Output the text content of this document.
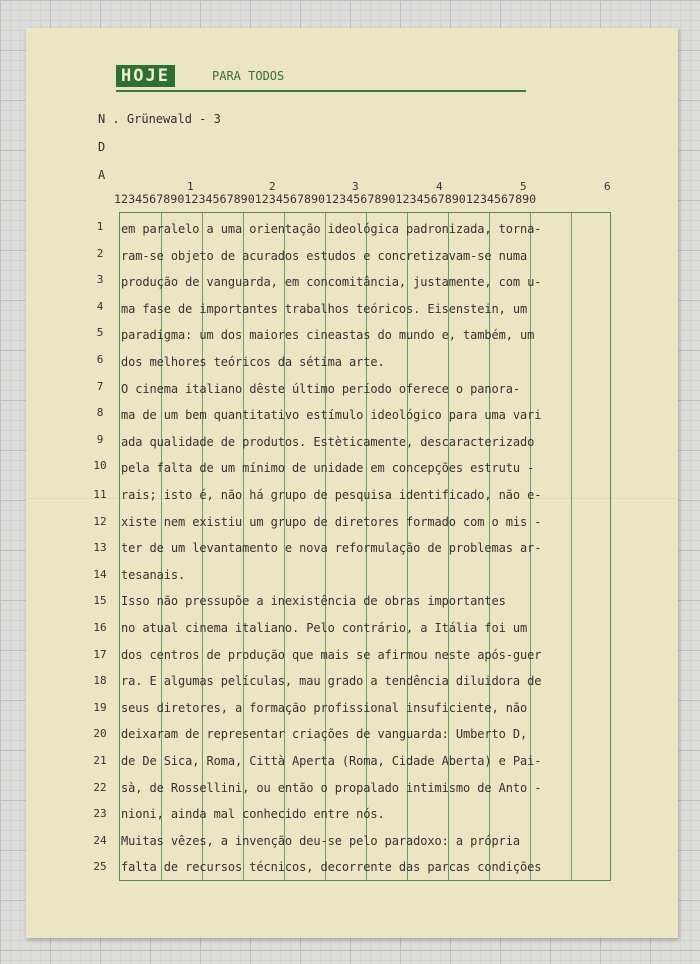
HOJE	PARA TODOS
N . Grünewald - 3
D
A
1	2	3	4	5	6
123456789012345678901234567890123456789012345678901234567890
1
2
3
4
5
6
7
8
9
10
11
12
13
14
15
16
17
18
19
20
21
22
23
24
25
em paralelo a uma orientação ideológica padronizada, torna-
ram-se objeto de acurados estudos e concretizavam-se numa
produção de vanguarda, em concomitância, justamente, com u-
ma fase de importantes trabalhos teóricos. Eisenstein, um
paradigma: um dos maiores cineastas do mundo e, também, um
dos melhores teóricos da sétima arte.
O cinema italiano dêste último período oferece o panora-
ma de um bem quantitativo estímulo ideológico para uma vari
ada qualidade de produtos. Estèticamente, descaracterizado
pela falta de um mínimo de unidade em concepções estrutu -
rais; isto é, não há grupo de pesquisa identificado, não e-
xiste nem existiu um grupo de diretores formado com o mis -
ter de um levantamento e nova reformulação de problemas ar-
tesanais.
Isso não pressupõe a inexistência de obras importantes
no atual cinema italiano. Pelo contrário, a Itália foi um
dos centros de produção que mais se afirmou neste após-guer
ra. E algumas películas, mau grado a tendência diluidora de
seus diretores, a formação profissional insuficiente, não
deixaram de representar criações de vanguarda: Umberto D,
de De Sica, Roma, Città Aperta (Roma, Cidade Aberta) e Pai-
sà, de Rossellini, ou então o propalado intimismo de Anto -
nioni, ainda mal conhecido entre nós.
Muitas vêzes, a invenção deu-se pelo paradoxo: a própria
falta de recursos técnicos, decorrente das parcas condições
